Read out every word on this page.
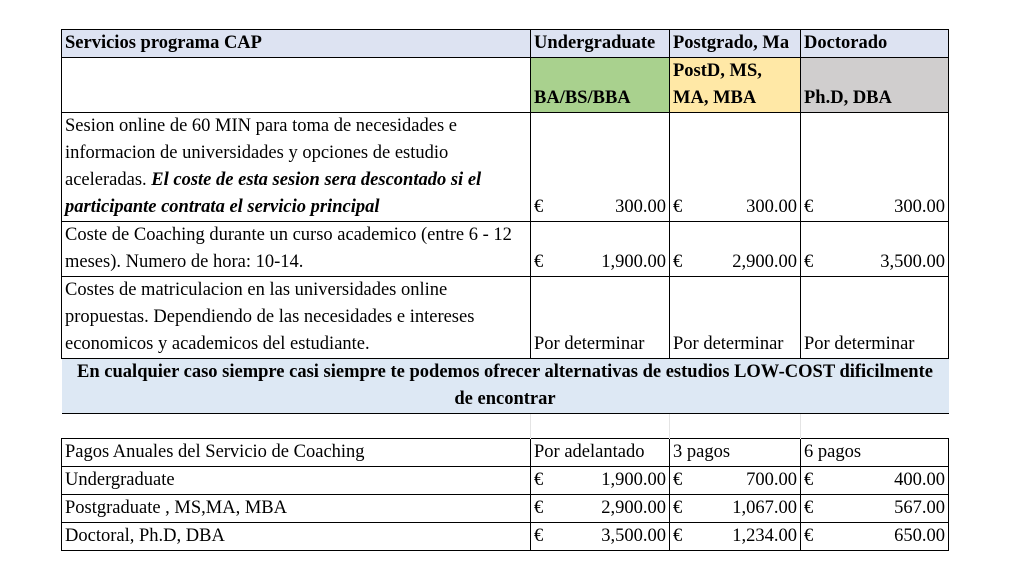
Servicios programa CAP	Undergraduate	Postgrado, Ma	Doctorado
	BA/BS/BBA	PostD, MS, MA, MBA	Ph.D, DBA
Sesion online de 60 MIN para toma de necesidades e informacion de universidades y opciones de estudio aceleradas. El coste de esta sesion sera descontado si el participante contrata el servicio principal	€ 300.00	€ 300.00	€ 300.00

Coste de Coaching durante un curso academico (entre 6 - 12 meses). Numero de hora: 10-14.	€ 1,900.00	€ 2,900.00	€ 3,500.00

Costes de matriculacion en las universidades online propuestas. Dependiendo de las necesidades e intereses economicos y academicos del estudiante.	Por determinar	Por determinar	Por determinar
En cualquier caso siempre casi siempre te podemos ofrecer alternativas de estudios LOW-COST dificilmente de encontrar			

Pagos Anuales del Servicio de Coaching	Por adelantado	3 pagos	6 pagos
Undergraduate	€ 1,900.00	€ 700.00	€ 400.00

Postgraduate , MS,MA, MBA	€ 2,900.00	€ 1,067.00	€ 567.00

Doctoral, Ph.D, DBA	€ 3,500.00	€ 1,234.00	€ 650.00
